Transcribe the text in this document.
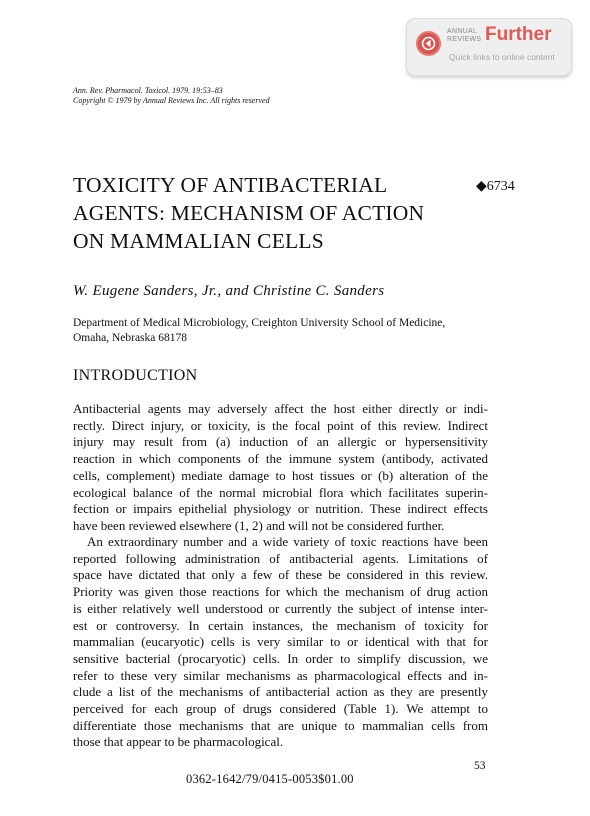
ANNUAL
REVIEWS Further
Quick links to online content
Ann. Rev. Pharmacol. Toxicol. 1979. 19:53–83
Copyright © 1979 by Annual Reviews Inc. All rights reserved
TOXICITY OF ANTIBACTERIAL
AGENTS: MECHANISM OF ACTION
ON MAMMALIAN CELLS
◆6734
W. Eugene Sanders, Jr., and Christine C. Sanders
Department of Medical Microbiology, Creighton University School of Medicine,
Omaha, Nebraska 68178
INTRODUCTION
Antibacterial agents may adversely affect the host either directly or indi-
rectly. Direct injury, or toxicity, is the focal point of this review. Indirect
injury may result from (a) induction of an allergic or hypersensitivity
reaction in which components of the immune system (antibody, activated
cells, complement) mediate damage to host tissues or (b) alteration of the
ecological balance of the normal microbial flora which facilitates superin-
fection or impairs epithelial physiology or nutrition. These indirect effects
have been reviewed elsewhere (1, 2) and will not be considered further.
An extraordinary number and a wide variety of toxic reactions have been
reported following administration of antibacterial agents. Limitations of
space have dictated that only a few of these be considered in this review.
Priority was given those reactions for which the mechanism of drug action
is either relatively well understood or currently the subject of intense inter-
est or controversy. In certain instances, the mechanism of toxicity for
mammalian (eucaryotic) cells is very similar to or identical with that for
sensitive bacterial (procaryotic) cells. In order to simplify discussion, we
refer to these very similar mechanisms as pharmacological effects and in-
clude a list of the mechanisms of antibacterial action as they are presently
perceived for each group of drugs considered (Table 1). We attempt to
differentiate those mechanisms that are unique to mammalian cells from
those that appear to be pharmacological.
53
0362-1642/79/0415-0053$01.00
